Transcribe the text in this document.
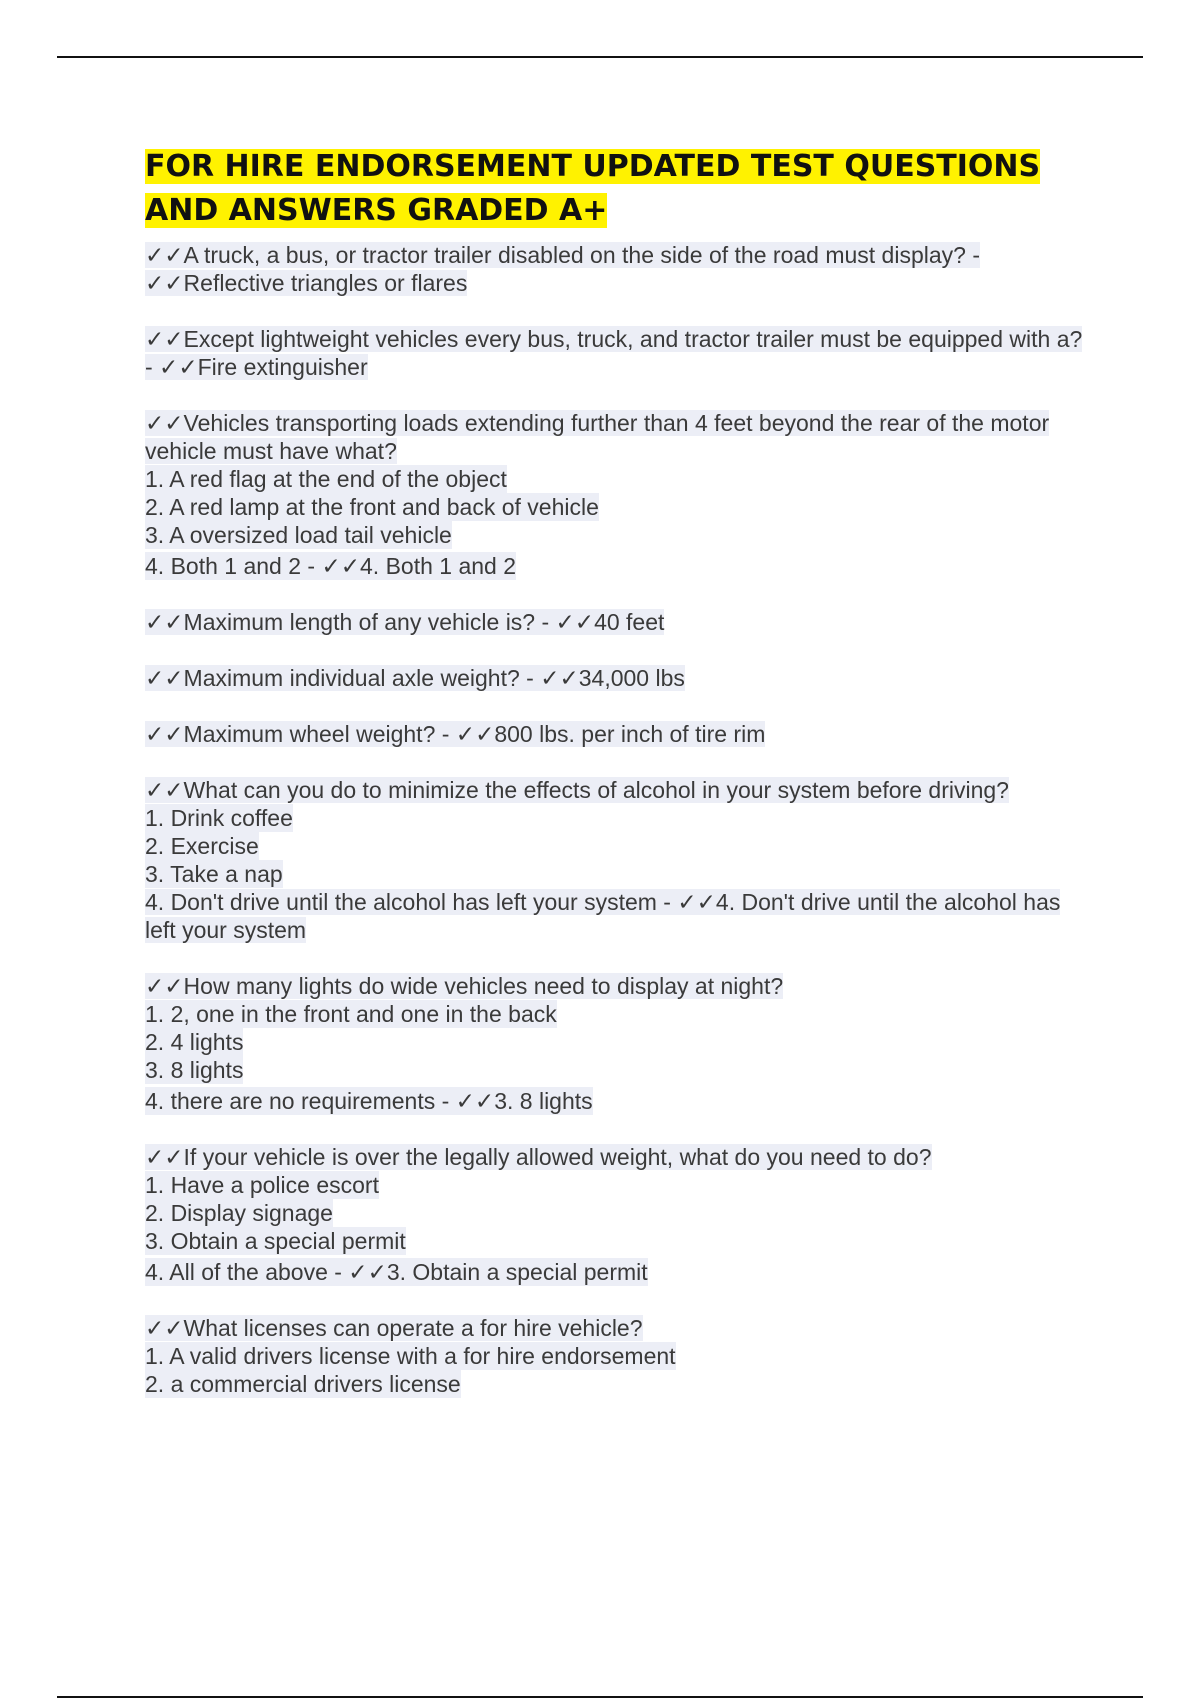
FOR HIRE ENDORSEMENT UPDATED TEST QUESTIONS AND ANSWERS GRADED A+
✓✓A truck, a bus, or tractor trailer disabled on the side of the road must display? - ✓✓Reflective triangles or flares
✓✓Except lightweight vehicles every bus, truck, and tractor trailer must be equipped with a? - ✓✓Fire extinguisher
✓✓Vehicles transporting loads extending further than 4 feet beyond the rear of the motor vehicle must have what?
1. A red flag at the end of the object
2. A red lamp at the front and back of vehicle
3. A oversized load tail vehicle
4. Both 1 and 2 - ✓✓4. Both 1 and 2
✓✓Maximum length of any vehicle is? - ✓✓40 feet
✓✓Maximum individual axle weight? - ✓✓34,000 lbs
✓✓Maximum wheel weight? - ✓✓800 lbs. per inch of tire rim
✓✓What can you do to minimize the effects of alcohol in your system before driving?
1. Drink coffee
2. Exercise
3. Take a nap
4. Don't drive until the alcohol has left your system - ✓✓4. Don't drive until the alcohol has left your system
✓✓How many lights do wide vehicles need to display at night?
1. 2, one in the front and one in the back
2. 4 lights
3. 8 lights
4. there are no requirements - ✓✓3. 8 lights
✓✓If your vehicle is over the legally allowed weight, what do you need to do?
1. Have a police escort
2. Display signage
3. Obtain a special permit
4. All of the above - ✓✓3. Obtain a special permit
✓✓What licenses can operate a for hire vehicle?
1. A valid drivers license with a for hire endorsement
2. a commercial drivers license
